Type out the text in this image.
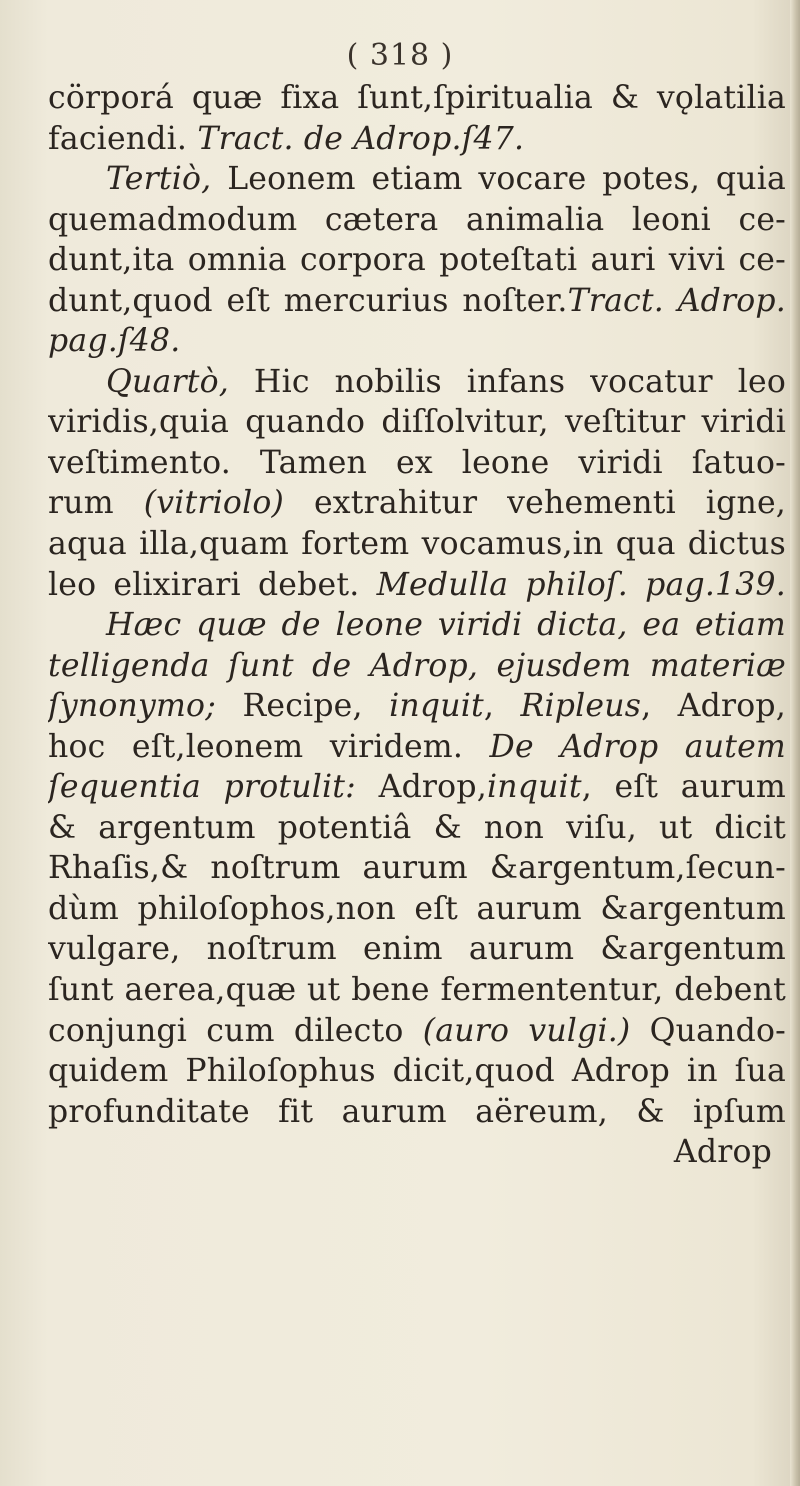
( 318 )
cörporá quæ fixa ſunt,ſpiritualia & vǫlatilia
faciendi. Tract. de Adrop.ſ47.
Tertiò, Leonem etiam vocare potes, quia
quemadmodum cætera animalia leoni ce-
dunt,ita omnia corpora poteſtati auri vivi ce-
dunt,quod eſt mercurius noſter.Tract. Adrop.
pag.ſ48.
Quartò, Hic nobilis infans vocatur leo
viridis,quia quando diſſolvitur, veſtitur viridi
veſtimento. Tamen ex leone viridi ſatuo-
rum (vitriolo) extrahitur vehementi igne,
aqua illa,quam fortem vocamus,in qua dictus
leo elixirari debet. Medulla philoſ. pag.139.
Hæc quæ de leone viridi dicta, ea etiam
telligenda ſunt de Adrop, ejusdem materiæ
ſynonymo; Recipe, inquit, Ripleus, Adrop,
hoc eſt,leonem viridem. De Adrop autem
ſequentia protulit: Adrop,inquit, eſt aurum
& argentum potentiâ & non viſu, ut dicit
Rhaſis,& noſtrum aurum &argentum,ſecun-
dùm philoſophos,non eſt aurum &argentum
vulgare, noſtrum enim aurum &argentum
ſunt aerea,quæ ut bene fermententur, debent
conjungi cum dilecto (auro vulgi.) Quando-
quidem Philoſophus dicit,quod Adrop in ſua
profunditate fit aurum aëreum, & ipſum
Adrop
